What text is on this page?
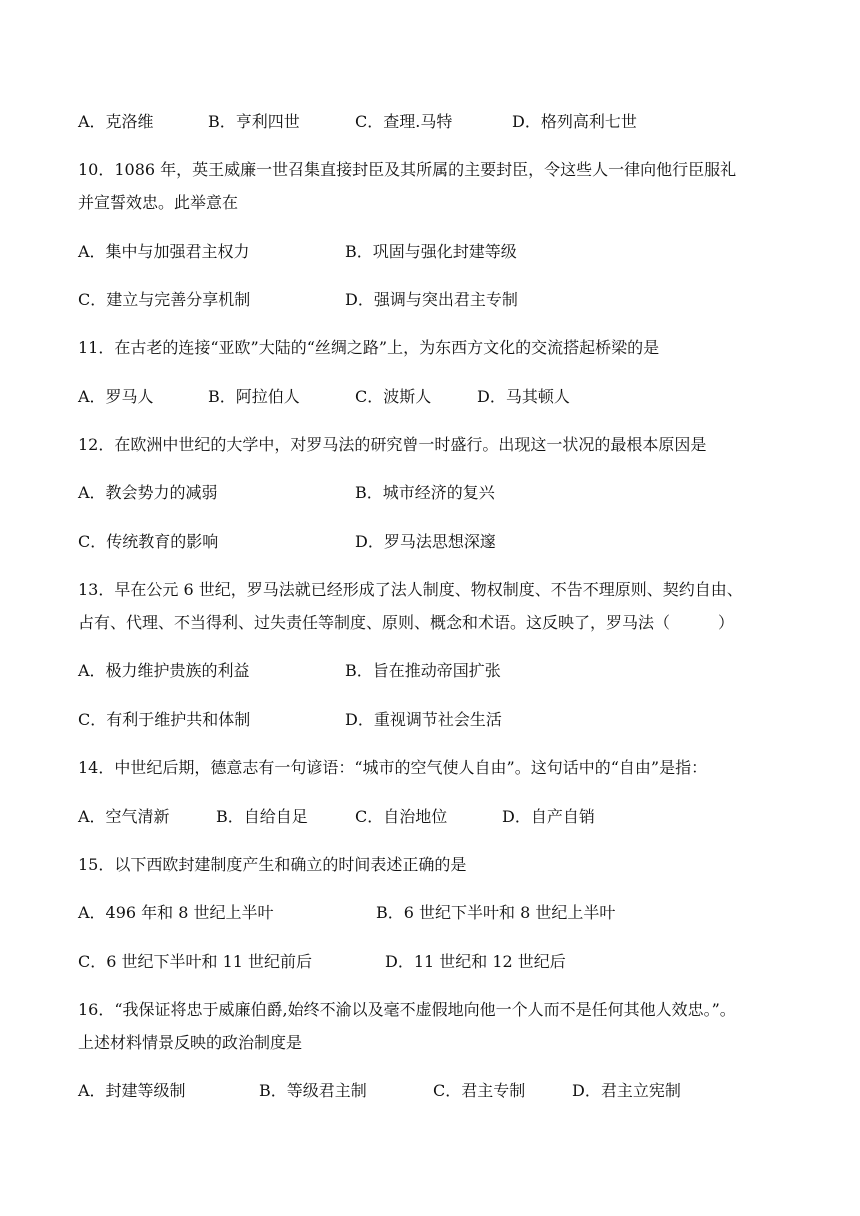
A．克洛维	B．亨利四世	C．查理.马特	D．格列高利七世
10．1086 年，英王威廉一世召集直接封臣及其所属的主要封臣，令这些人一律向他行臣服礼
并宣誓效忠。此举意在
A．集中与加强君主权力	B．巩固与强化封建等级
C．建立与完善分享机制	D．强调与突出君主专制
11．在古老的连接“亚欧”大陆的“丝绸之路”上，为东西方文化的交流搭起桥梁的是
A．罗马人	B．阿拉伯人	C．波斯人	D．马其顿人
12．在欧洲中世纪的大学中，对罗马法的研究曾一时盛行。出现这一状况的最根本原因是
A．教会势力的减弱	B．城市经济的复兴
C．传统教育的影响	D．罗马法思想深邃
13．早在公元 6 世纪，罗马法就已经形成了法人制度、物权制度、不告不理原则、契约自由、
占有、代理、不当得利、过失责任等制度、原则、概念和术语。这反映了，罗马法（　　　）
A．极力维护贵族的利益	B．旨在推动帝国扩张
C．有利于维护共和体制	D．重视调节社会生活
14．中世纪后期，德意志有一句谚语：“城市的空气使人自由”。这句话中的“自由”是指：
A．空气清新	B．自给自足	C．自治地位	D．自产自销
15．以下西欧封建制度产生和确立的时间表述正确的是
A．496 年和 8 世纪上半叶	B．6 世纪下半叶和 8 世纪上半叶
C．6 世纪下半叶和 11 世纪前后	D．11 世纪和 12 世纪后
16．“我保证将忠于威廉伯爵,始终不渝以及毫不虚假地向他一个人而不是任何其他人效忠。”。
上述材料情景反映的政治制度是
A．封建等级制	B．等级君主制	C．君主专制	D．君主立宪制
